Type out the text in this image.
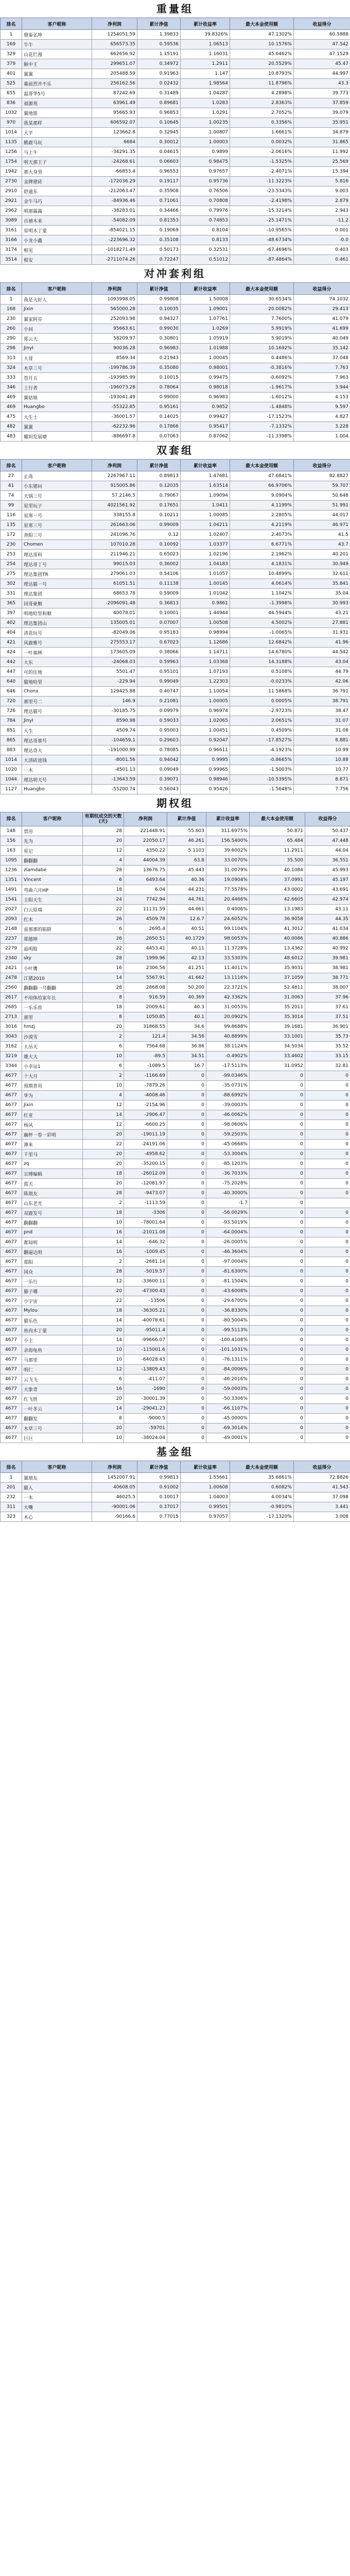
重量组
排名	客户昵称	净利润	累计净值	累计收益率	最大本金使用额	收益得分
1	鼎泰弘坤	1254051.59	1.39833	39.8326%	47.1302%	60.5888
169	牛牛	656573.35	0.59536	1.06513	10.1576%	47.542
329	山花烂漫	662656.92	1.15191	1.16031	45.6462%	47.1529
379	猴中王	299651.07	0.34972	1.2911	20.5529%	45.47
401	翼翼	205488.59	0.91963	1.147	10.8793%	44.997
525	幕前烈并不乐	256162.56	0.02432	1.98564	11.8796%	43.3
655	温哥华5号	87242.69	0.31489	1.04287	4.2898%	39.773
836	福源苑	63961.49	0.89681	1.0283	2.8363%	37.859
1032	翼地银	95665.93	0.96853	1.0291	2.7052%	39.079
970	我某那样	606592.07	0.10645	1.00235	0.3356%	35.951
1014	大平	123662.8	0.32945	1.00807	1.6661%	34.879
1135	鹅鹿马玩	6684	0.30012	1.00003	0.0032%	31.865
1256	马上牛	-34291.35	0.04615	0.9899	-2.0616%	11.992
1754	明天那王子	-24268.61	0.06603	0.98475	-1.5325%	25.569
1942	那大身里	-66853.4	0.96553	0.97657	-2.4071%	15.394
2730	金牌猪砖	-172036.29	0.19117	0.95736	-11.3223%	5.816
2910	舒通东	-212063.47	0.35908	0.76506	-23.5343%	9.003
2921	金牛马巧	-84936.46	0.71061	0.70808	-2.4198%	2.879
2962	明那露露	-38283.01	0.34466	0.79976	-15.3214%	2.943
3089	百禧木来	-54082.09	0.81353	0.74853	-25.1471%	-11.2
3161	星明木丁蒙	-854021.15	0.19069	0.8104	-10.9565%	0.001
3166	小龙小鑫	-223696.32	0.35108	0.8133	-48.6734%	-0.0
3174	相见	-1018271.49	0.50173	0.32531	-67.4696%	0.403
3514	根安	-2711074.26	0.72247	0.51012	-87.4864%	0.461
对冲套利组
排名	客户昵称	净利润	累计净值	累计收益率	最大本金使用额	收益得分
1	我是大好人	1093998.05	0.99808	1.50008	30.6534%	74.1032
168	Jixin	565000.28	0.10035	1.09001	20.0082%	29.413
230	翼家阿芬	252093.98	0.94327	1.07761	7.7600%	41.079
260	小问	95663.61	0.99030	1.0269	5.9919%	41.699
290	郑云天	58209.97	0.30801	1.05919	5.9019%	40.049
298	JinyI	90036.28	0.96983	1.01988	10.1692%	35.142
313	大哥	8569.34	0.21943	1.00045	0.4486%	37.048
324	木草三号	-199786.39	0.35080	0.98001	-0.3816%	7.763
333	苍月五	-193985.99	0.10015	0.99475	-0.6092%	7.963
346	上行者	-196073.28	0.78064	0.98018	-1.9617%	3.944
469	翼姑娘	-193041.49	0.99000	0.96983	-1.6012%	4.153
469	Huangbo	-55322.85	0.95161	0.9852	-1.4848%	9.597
475	大生士	-36001.57	0.14025	0.99427	-17.1523%	4.827
482	翼翼	-62232.96	0.17866	0.95417	-7.1332%	3.228
483	耀玥发展塘	-886697.8	0.07063	0.87062	-11.3398%	1.004
双套组
排名	客户昵称	净利润	累计净值	累计收益率	最大本金使用额	收益得分
27	止荡	2267967.11	0.89813	1.47681	47.6841%	82.8827
41	小东猪问	915005.86	0.12035	1.63514	66.9706%	59.707
74	天锅三号	57.2146.5	0.79067	1.09094	9.0904%	50.648
99	星里玩子	4021561.92	0.17651	1.0411	4.1199%	51.991
116	星寒一号	338155.8	0.10211	1.00085	2.2805%	44.017
135	星寒三号	261663.06	0.99009	1.04211	4.2119%	46.971
172	奔阳三号	241096.76	0.12	1.02407	2.4073%	41.5
230	Chomen	107010.28	0.10092	1.03377	6.6771%	43.7
253	理达哥科	211946.21	0.65023	1.02196	2.1962%	40.201
254	理达哥丁号	99015.03	0.36002	1.04183	4.1831%	30.949
275	理达集团TR	279061.03	0.54106	1.01057	10.4899%	32.611
302	理达猫一号	61051.51	0.11138	1.00145	4.0614%	35.841
331	理达集团	68653.78	0.59009	1.01042	1.1042%	35.04
365	回哥豪顺	-2096091.48	0.36813	0.9861	-1.3998%	30.993
397	明地哈里和顺	40078.01	0.10001	1.44944	44.5944%	43.21
402	理达集团山	135005.01	0.07007	1.00508	4.5002%	27.881
404	清花玩号	-82049.06	0.95183	0.98994	-1.0065%	31.931
421	风鹿雅号	275553.17	0.67023	1.12686	12.6842%	41.96
424	一叶福林	173605.09	0.38066	1.14711	14.6780%	44.542
442	大东	-24068.03	0.59963	1.03368	14.3188%	43.04
447	可的住地	5501.47	0.95101	1.07193	0.5108%	44.79
640	猫地哈里	-229.94	0.99049	1.22303	-0.0233%	42.06
646	Chonx	129425.88	0.40747	1.10054	11.5868%	36.791
720	那里号二	146.9	0.21081	1.00005	0.0005%	38.791
726	理达猫号	-30185.75	0.09979	0.96974	-2.9723%	38.47
784	JinyI	8590.98	0.59033	1.02065	2.0651%	31.07
851	大生	4509.74	0.95003	1.00451	0.4509%	31.08
865	理达哥那号	-104659.1	0.29603	0.92047	-17.8527%	8.881
883	理达奇大	-191000.99	0.78085	0.96611	-4.1923%	10.99
1014	大清砖进钱	-8001.56	0.94042	0.9995	-0.8665%	10.88
1020	一木	-4501.13	0.09049	0.99965	-1.5003%	10.77
1044	理达明天号	-13643.59	0.39071	0.98946	-10.5395%	8.871
1127	Huangbo	-55200.74	0.56043	0.95426	-1.5648%	7.756
期权组
排名	客户昵称	有期权成交的天数(天)	净利润	累计净值	累计收益率	最大本金使用额	收益得分
148	票房	28	221448.91	55.603	311.6975%	50.871	50.437
156	先为	20	22050.17	46.261	156.5400%	65.484	47.448
163	星记	12	4350.22	5.1103	39.6002%	11.2911	44.04
1095	翻翻翻	4	44004.39	63.8	33.0070%	35.500	36.551
1236	zlamdabe	28	13676.75	45.443	31.0079%	40.1084	45.993
1351	Vincent	6	6493.64	40.36	19.0904%	37.0991	45.197
1491	弯曲六月HP	18	6.04	44.231	77.5578%	43.0002	43.691
1541	主阳天生	24	7742.94	44.761	20.4466%	42.6605	42.974
2027	白云原端	22	11131.59	44.661	0.4006%	13.1983	43.11
2093	红木	26	4509.78	12.6.7	24.6052%	36.9058	44.35
2148	雷那那的陷阱	6	2695.4	40.51	99.1104%	41.3012	41.034
2237	郑德坤	26	2650.51	40.1729	98.0053%	40.0086	40.886
2279	晶明股	22	4453.41	40.11	11.3728%	13.4362	40.992
2340	sky	28	1999.96	42.13	33.5303%	48.6012	39.981
2421	小叶鹰	16	2306.56	41.251	11.4011%	35.9031	38.981
2478	江猪2010	14	5567.91	41.662	13.1116%	37.1059	38.771
2560	翻翻翻一号翻翻	28	2868.08	50.200	22.3721%	52.4811	38.007
2617	不用体给家年长	8	916.59	40.369	42.3362%	31.0063	37.96
2685	一乐乐兽	18	2009.61	40.3	31.0053%	35.2011	37.61
2713	那里	8	1050.85	40.1	20.0902%	35.3014	37.51
3016	hmzj	20	31868.55	34.6	99.8688%	39.1681	36.901
3043	沙漠雪	2	121.4	34.56	40.8899%	33.1001	35.73
3162	大吊天	6	7564.68	36.86	38.1124%	34.5034	35.52
3219	雄大大	10	-89.5	34.51	-0.4902%	33.4602	33.15
3344	小幸运1	6	-1089.5	16.7	-17.5113%	31.0952	32.81
4677	十大月	2	-1166.69	0	-99.0346%	0	0
4677	预期普用	10	-7879.26	0	-35.0731%	0	0
4677	华为	4	-4008.46	0	-88.6992%	0	0
4677	Jixin	12	-2154.96	0	-39.0003%	0	0
4677	红亚	14	-2906.47	0	-46.0062%	0	0
4677	杨风	12	-6600.25	0	-98.0606%	0	0
4677	幽杯一卷一彩明	20	-19011.19	0	-59.2503%	0	0
4677	薄来	22	-24191.06	0	-45.0668%	0	0
4677	千里马	20	-4958.62	0	-53.3004%	0	0
4677	zq	20	-35200.15	0	-85.1203%	0	0
4677	宗博编辑	18	-26012.09	0	-36.7033%	0	0
4677	蓝天	20	-12081.97	0	-75.2028%	0	0
4677	陈朋友	28	-9473.07	0	-40.3000%	0	0
4677	山东老光	2	-1113.59	0	-1.7	0	
4677	双鹿发号	18	-3306	0	-56.0029%	0	0
4677	翻翻翻	10	-78001.64	0	-93.5019%	0	0
4677	pnd	16	-21011.08	0	-64.0004%	0	0
4677	都知明	14	-646.32	0	-26.0005%	0	0
4677	翻逼达明	16	-1009.45	0	-46.3604%	0	0
4677	郑阳	2	-2681.14	0	-97.0004%	0	0
4677	国众	28	-5019.57	0	-81.6300%	0	0
4677	一乐行	12	-33600.11	0	-81.1504%	0	0
4677	猫子哪	20	-47300.43	0	-43.6008%	0	0
4677	小宇宙	22	-13506	0	-29.6700%	0	0
4677	Mylou	18	-36305.21	0	-36.8330%	0	0
4677	猫乐色	14	-40078.61	0	-80.5004%	0	0
4677	鱼肉木丁蒙	20	-95011.4	0	-99.5113%	0	0
4677	小主	14	-99666.07	0	-100.4108%	0	0
4677	余海龟鱼	10	-115001.6	0	-101.1031%	0	0
4677	马那里	10	-64028.43	0	-76.1311%	0	0
4677	明仁	12	-13809.43	0	-84.0006%	0	0
4677	云飞飞	6	-411.07	0	-46.2016%	0	0
4677	大象奇	16	-1690	0	-59.0003%	0	0
4677	红飞铁	20	-30001.39	0	-50.3306%	0	0
4677	一叶冬云	14	-29041.23	0	-66.1107%	0	0
4677	翻翻发	8	-9000.5	0	-45.0000%	0	0
4677	木草三号	20	-59701	0	-69.3014%	0	0
4677	巨巨	10	-38024.04	0	-49.0001%	0	0
基金组
排名	客户昵称	净利润	累计净值	累计收益率	最大本金使用额	收益得分
1	翼朋友	1452007.91	0.99813	1.55661	35.6861%	72.8826
201	猫人	40608.05	0.91002	1.00608	0.6082%	41.543
232	一木	46025.5	0.10017	1.04003	4.0034%	37.098
311	大嘴	-90001.06	0.37017	0.99501	-0.9810%	3.441
323	木心	-90166.6	0.77015	0.97057	-17.1320%	3.008
